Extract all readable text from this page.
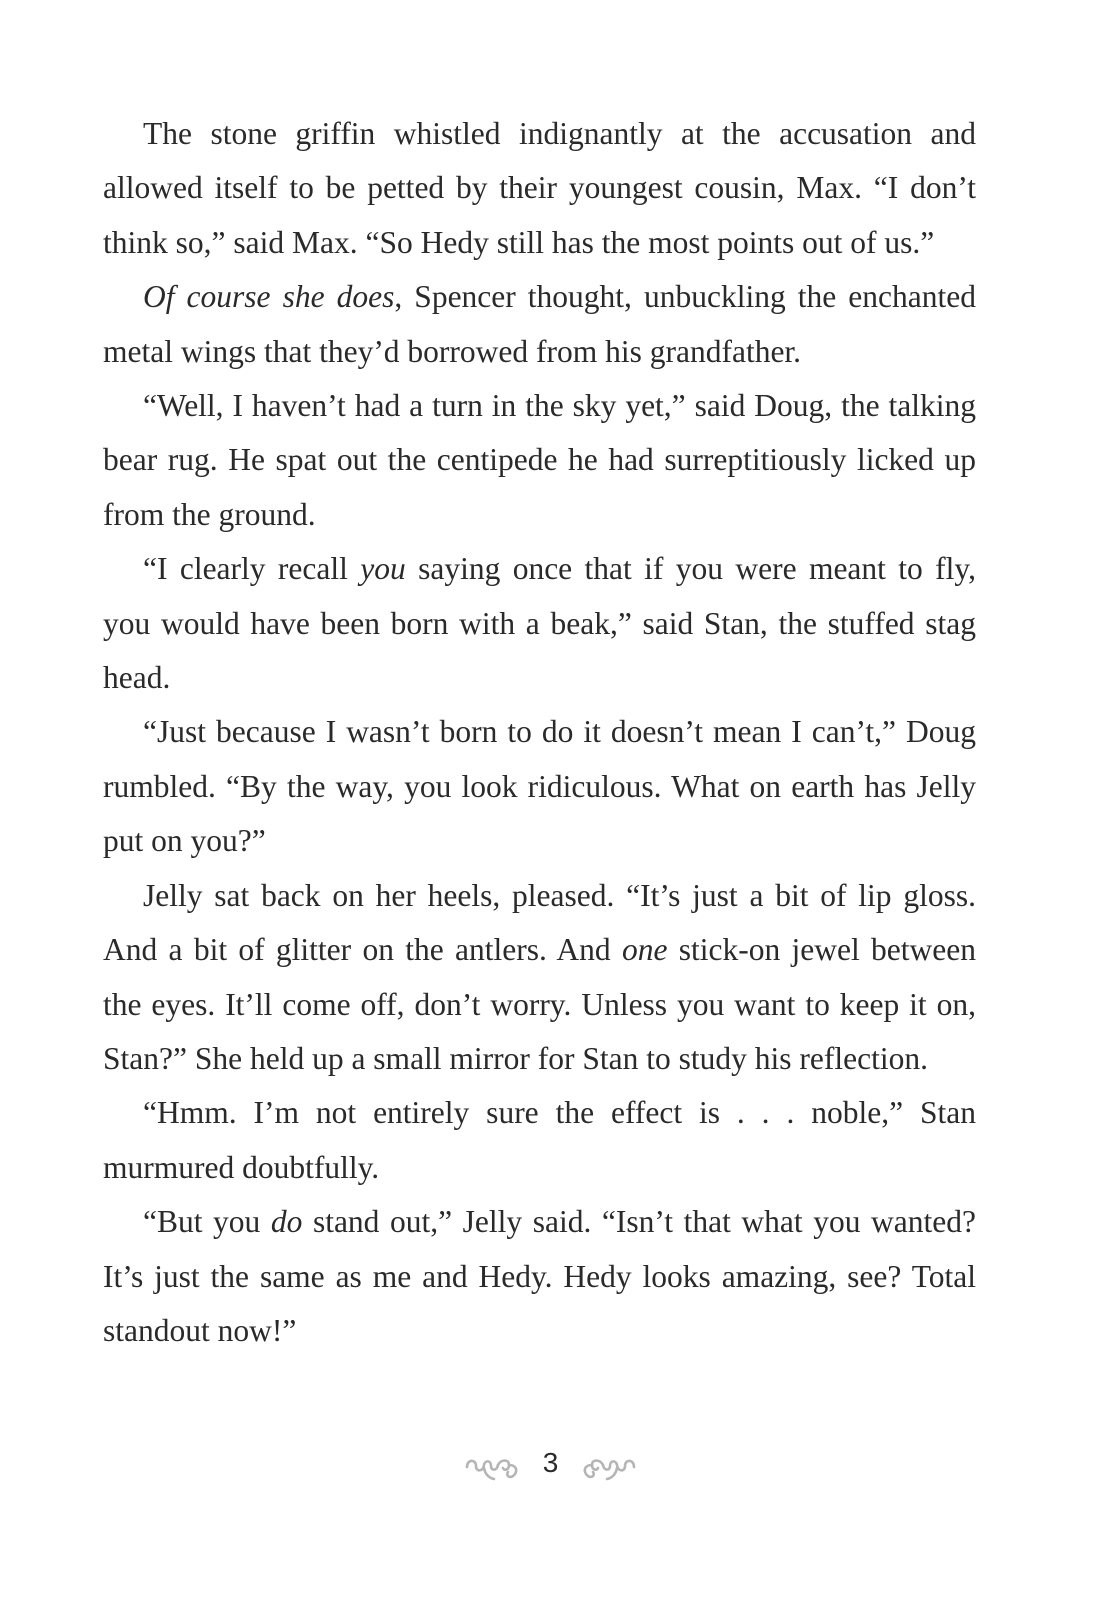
The stone griffin whistled indignantly at the accusation and allowed itself to be petted by their youngest cousin, Max. “I don’t think so,” said Max. “So Hedy still has the most points out of us.”

Of course she does, Spencer thought, unbuckling the enchanted metal wings that they’d borrowed from his grandfather.

“Well, I haven’t had a turn in the sky yet,” said Doug, the talking bear rug. He spat out the centipede he had surreptitiously licked up from the ground.

“I clearly recall you saying once that if you were meant to fly, you would have been born with a beak,” said Stan, the stuffed stag head.

“Just because I wasn’t born to do it doesn’t mean I can’t,” Doug rumbled. “By the way, you look ridiculous. What on earth has Jelly put on you?”

Jelly sat back on her heels, pleased. “It’s just a bit of lip gloss. And a bit of glitter on the antlers. And one stick-on jewel between the eyes. It’ll come off, don’t worry. Unless you want to keep it on, Stan?” She held up a small mirror for Stan to study his reflection.

“Hmm. I’m not entirely sure the effect is . . . noble,” Stan murmured doubtfully.

“But you do stand out,” Jelly said. “Isn’t that what you wanted? It’s just the same as me and Hedy. Hedy looks amazing, see? Total standout now!”

3
